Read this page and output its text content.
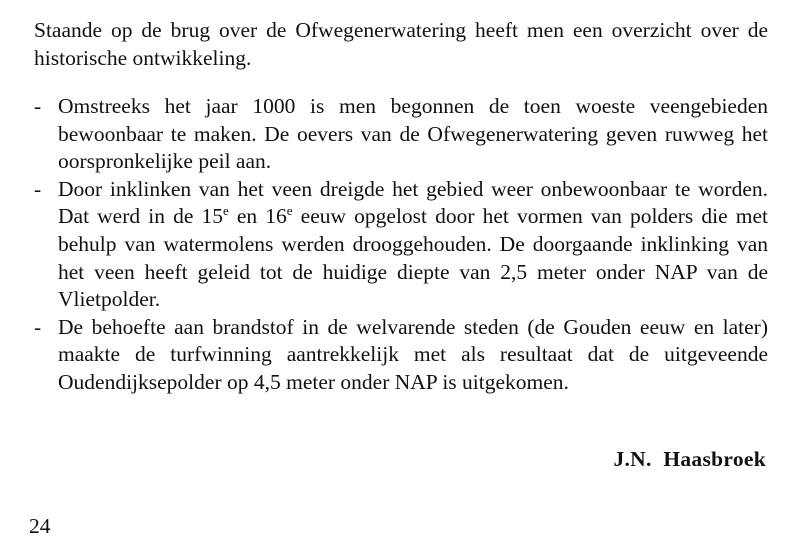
Staande op de brug over de Ofwegenerwatering heeft men een overzicht over de historische ontwikkeling.

- Omstreeks het jaar 1000 is men begonnen de toen woeste veengebieden bewoonbaar te maken. De oevers van de Ofwegenerwatering geven ruwweg het oorspronkelijke peil aan.
- Door inklinken van het veen dreigde het gebied weer onbewoonbaar te worden. Dat werd in de 15e en 16e eeuw opgelost door het vormen van polders die met behulp van watermolens werden drooggehouden. De doorgaande inklinking van het veen heeft geleid tot de huidige diepte van 2,5 meter onder NAP van de Vlietpolder.
- De behoefte aan brandstof in de welvarende steden (de Gouden eeuw en later) maakte de turfwinning aantrekkelijk met als resultaat dat de uitgeveende Oudendijksepolder op 4,5 meter onder NAP is uitgekomen.
J.N. Haasbroek
24
